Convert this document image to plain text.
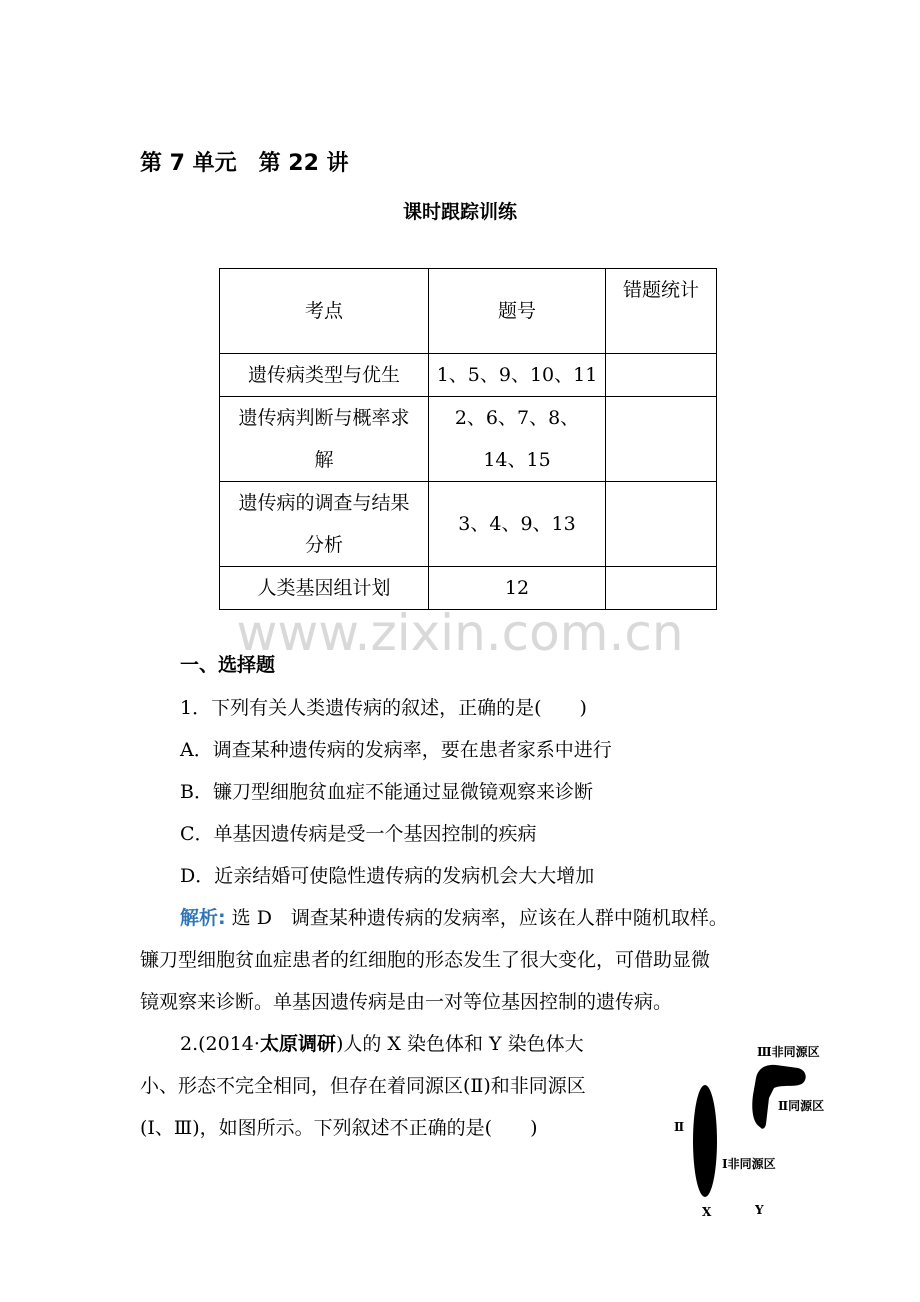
第 7 单元　第 22 讲
课时跟踪训练
考点	题号	错题统计
遗传病类型与优生	1、5、9、10、11	
遗传病判断与概率求解	2、6、7、8、14、15	
遗传病的调查与结果分析	3、4、9、13	
人类基因组计划	12	
www.zixin.com.cn
一、选择题
1．下列有关人类遗传病的叙述，正确的是(　　)
A．调查某种遗传病的发病率，要在患者家系中进行
B．镰刀型细胞贫血症不能通过显微镜观察来诊断
C．单基因遗传病是受一个基因控制的疾病
D．近亲结婚可使隐性遗传病的发病机会大大增加
解析: 选 D　调查某种遗传病的发病率，应该在人群中随机取样。
镰刀型细胞贫血症患者的红细胞的形态发生了很大变化，可借助显微
镜观察来诊断。单基因遗传病是由一对等位基因控制的遗传病。
2.(2014·太原调研)人的 X 染色体和 Y 染色体大
小、形态不完全相同，但存在着同源区(Ⅱ)和非同源区
(Ⅰ、Ⅲ)，如图所示。下列叙述不正确的是(　　)
Ⅲ非同源区
Ⅱ同源区
Ⅱ
Ⅰ非同源区
X	Y
